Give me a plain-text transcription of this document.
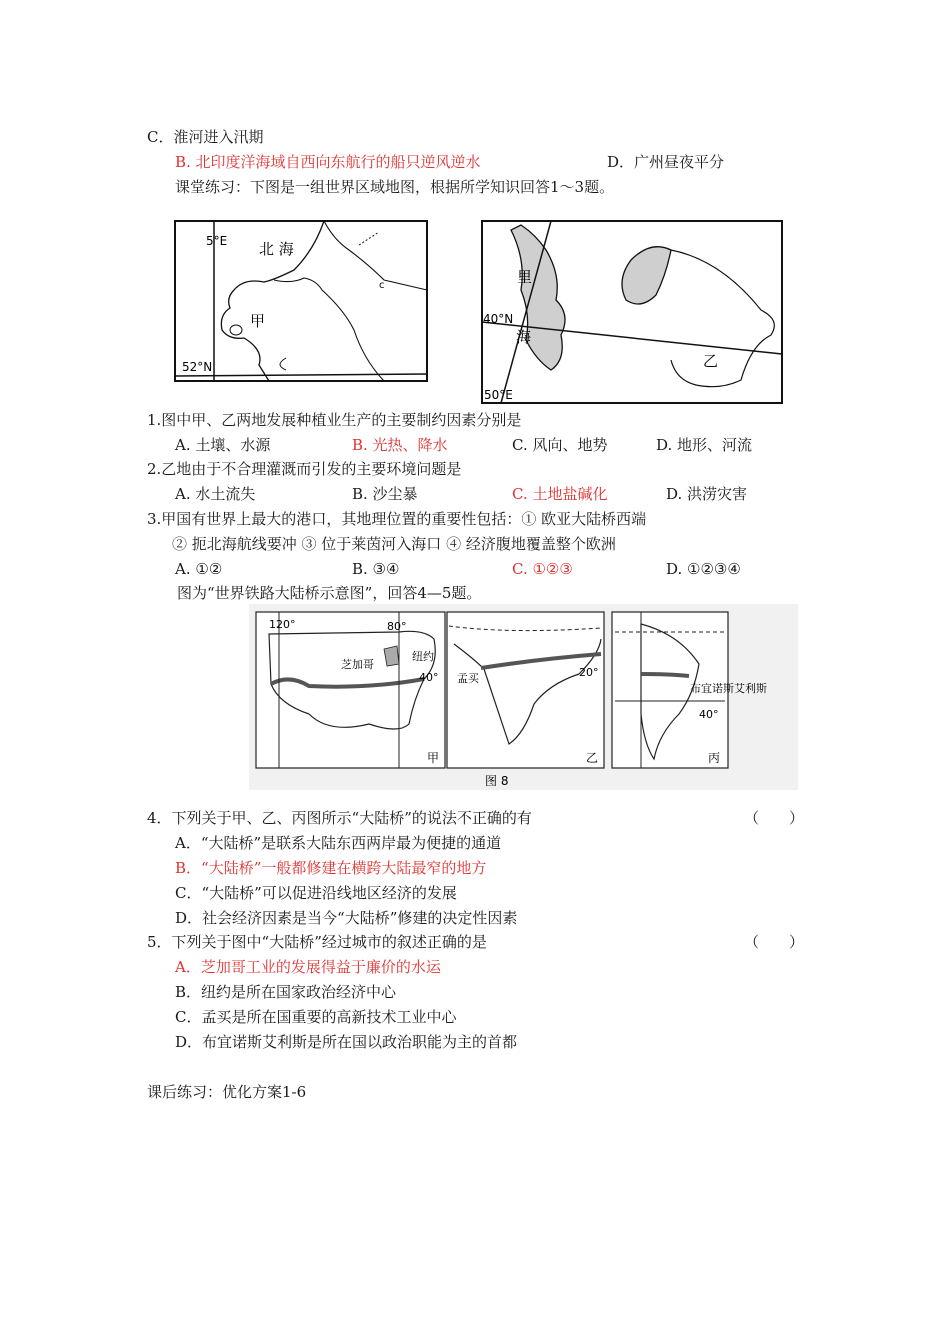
C．淮河进入汛期
B. 北印度洋海域自西向东航行的船只逆风逆水	D．广州昼夜平分
课堂练习：下图是一组世界区域地图，根据所学知识回答1～3题。
5°E 北 海
甲
52°N
c	里
40°N
海
乙
50°E
1.图中甲、乙两地发展种植业生产的主要制约因素分别是
A. 土壤、水源	B. 光热、降水	C. 风向、地势	D. 地形、河流
2.乙地由于不合理灌溉而引发的主要环境问题是
A. 水土流失	B. 沙尘暴	C. 土地盐碱化	D. 洪涝灾害
3.甲国有世界上最大的港口，其地理位置的重要性包括：① 欧亚大陆桥西端
② 扼北海航线要冲 ③ 位于莱茵河入海口 ④ 经济腹地覆盖整个欧洲
A. ①②	B. ③④	C. ①②③	D. ①②③④
图为“世界铁路大陆桥示意图”，回答4—5题。
120°	80°
芝加哥
纽约
40°
甲
孟买	20°
乙
布宜诺斯艾利斯
40°
丙
图 8
4．下列关于甲、乙、丙图所示“大陆桥”的说法不正确的有	（　　）
A．“大陆桥”是联系大陆东西两岸最为便捷的通道
B．“大陆桥”一般都修建在横跨大陆最窄的地方
C．“大陆桥”可以促进沿线地区经济的发展
D．社会经济因素是当今“大陆桥”修建的决定性因素
5．下列关于图中“大陆桥”经过城市的叙述正确的是	（　　）
A．芝加哥工业的发展得益于廉价的水运
B．纽约是所在国家政治经济中心
C．孟买是所在国重要的高新技术工业中心
D．布宜诺斯艾利斯是所在国以政治职能为主的首都
课后练习：优化方案1-6
